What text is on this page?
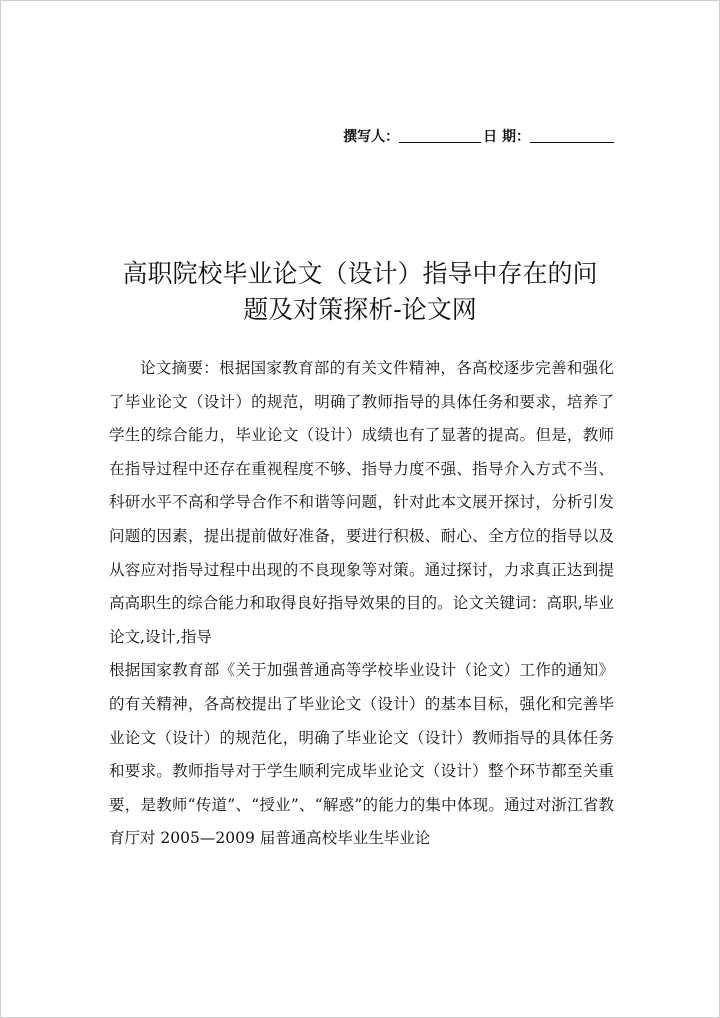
撰写人：	日 期：
高职院校毕业论文（设计）指导中存在的问
题及对策探析-论文网

论文摘要：根据国家教育部的有关文件精神，各高校逐步完善和强化了毕业论文（设计）的规范，明确了教师指导的具体任务和要求，培养了学生的综合能力，毕业论文（设计）成绩也有了显著的提高。但是，教师在指导过程中还存在重视程度不够、指导力度不强、指导介入方式不当、科研水平不高和学导合作不和谐等问题，针对此本文展开探讨，分析引发问题的因素，提出提前做好准备，要进行积极、耐心、全方位的指导以及从容应对指导过程中出现的不良现象等对策。通过探讨，力求真正达到提高高职生的综合能力和取得良好指导效果的目的。论文关键词：高职,毕业论文,设计,指导

根据国家教育部《关于加强普通高等学校毕业设计（论文）工作的通知》的有关精神，各高校提出了毕业论文（设计）的基本目标，强化和完善毕业论文（设计）的规范化，明确了毕业论文（设计）教师指导的具体任务和要求。教师指导对于学生顺利完成毕业论文（设计）整个环节都至关重要，是教师“传道”、“授业”、“解惑”的能力的集中体现。通过对浙江省教育厅对 2005—2009 届普通高校毕业生毕业论
